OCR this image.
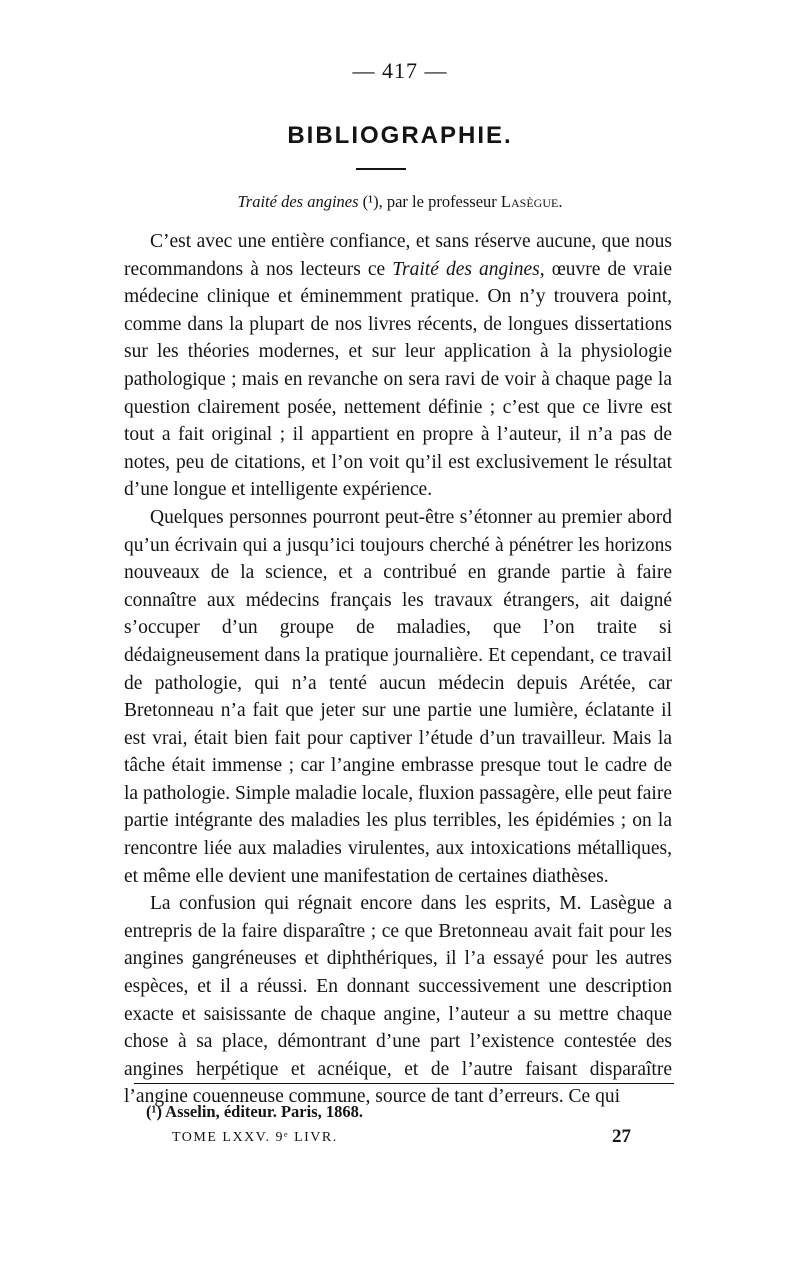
— 417 —
BIBLIOGRAPHIE.
Traité des angines (¹), par le professeur Lasègue.

C’est avec une entière confiance, et sans réserve aucune, que nous recommandons à nos lecteurs ce Traité des angines, œuvre de vraie médecine clinique et éminemment pratique. On n’y trouvera point, comme dans la plupart de nos livres récents, de longues dissertations sur les théories modernes, et sur leur application à la physiologie pathologique ; mais en revanche on sera ravi de voir à chaque page la question clairement posée, nettement définie ; c’est que ce livre est tout a fait original ; il appartient en propre à l’auteur, il n’a pas de notes, peu de citations, et l’on voit qu’il est exclusivement le résultat d’une longue et intelligente expérience.

Quelques personnes pourront peut-être s’étonner au premier abord qu’un écrivain qui a jusqu’ici toujours cherché à pénétrer les horizons nouveaux de la science, et a contribué en grande partie à faire connaître aux médecins français les travaux étrangers, ait daigné s’occuper d’un groupe de maladies, que l’on traite si dédaigneusement dans la pratique journalière. Et cependant, ce travail de pathologie, qui n’a tenté aucun médecin depuis Arétée, car Bretonneau n’a fait que jeter sur une partie une lumière, éclatante il est vrai, était bien fait pour captiver l’étude d’un travailleur. Mais la tâche était immense ; car l’angine embrasse presque tout le cadre de la pathologie. Simple maladie locale, fluxion passagère, elle peut faire partie intégrante des maladies les plus terribles, les épidémies ; on la rencontre liée aux maladies virulentes, aux intoxications métalliques, et même elle devient une manifestation de certaines diathèses.

La confusion qui régnait encore dans les esprits, M. Lasègue a entrepris de la faire disparaître ; ce que Bretonneau avait fait pour les angines gangréneuses et diphthériques, il l’a essayé pour les autres espèces, et il a réussi. En donnant successivement une description exacte et saisissante de chaque angine, l’auteur a su mettre chaque chose à sa place, démontrant d’une part l’existence contestée des angines herpétique et acnéique, et de l’autre faisant disparaître l’angine couenneuse commune, source de tant d’erreurs. Ce qui

(¹) Asselin, éditeur. Paris, 1868.
TOME LXXV. 9ᵉ LIVR.	27
